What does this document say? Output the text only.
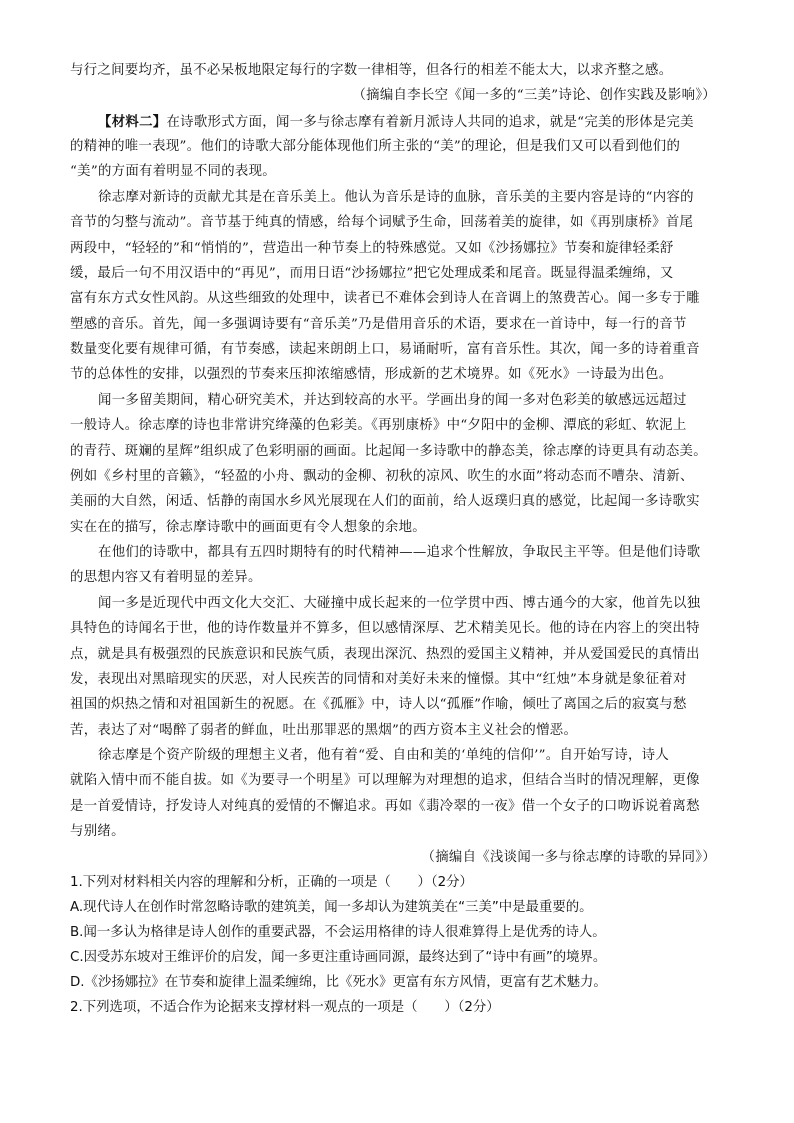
与行之间要均齐，虽不必呆板地限定每行的字数一律相等，但各行的相差不能太大，以求齐整之感。
（摘编自李长空《闻一多的“三美”诗论、创作实践及影响》）
【材料二】在诗歌形式方面，闻一多与徐志摩有着新月派诗人共同的追求，就是“完美的形体是完美
的精神的唯一表现”。他们的诗歌大部分能体现他们所主张的“美”的理论，但是我们又可以看到他们的
“美”的方面有着明显不同的表现。
徐志摩对新诗的贡献尤其是在音乐美上。他认为音乐是诗的血脉，音乐美的主要内容是诗的“内容的
音节的匀整与流动”。音节基于纯真的情感，给每个词赋予生命，回荡着美的旋律，如《再别康桥》首尾
两段中，“轻轻的”和“悄悄的”，营造出一种节奏上的特殊感觉。又如《沙扬娜拉》节奏和旋律轻柔舒
缓，最后一句不用汉语中的“再见”，而用日语“沙扬娜拉”把它处理成柔和尾音。既显得温柔缠绵，又
富有东方式女性风韵。从这些细致的处理中，读者已不难体会到诗人在音调上的煞费苦心。闻一多专于雕
塑感的音乐。首先，闻一多强调诗要有“音乐美”乃是借用音乐的术语，要求在一首诗中，每一行的音节
数量变化要有规律可循，有节奏感，读起来朗朗上口，易诵耐听，富有音乐性。其次，闻一多的诗着重音
节的总体性的安排，以强烈的节奏来压抑浓缩感情，形成新的艺术境界。如《死水》一诗最为出色。
闻一多留美期间，精心研究美术，并达到较高的水平。学画出身的闻一多对色彩美的敏感远远超过
一般诗人。徐志摩的诗也非常讲究绛藻的色彩美。《再别康桥》中“夕阳中的金柳、潭底的彩虹、软泥上
的青荇、斑斓的星辉”组织成了色彩明丽的画面。比起闻一多诗歌中的静态美，徐志摩的诗更具有动态美。
例如《乡村里的音籁》，“轻盈的小舟、飘动的金柳、初秋的凉风、吹生的水面”将动态而不嘈杂、清新、
美丽的大自然，闲适、恬静的南国水乡风光展现在人们的面前，给人返璞归真的感觉，比起闻一多诗歌实
实在在的描写，徐志摩诗歌中的画面更有令人想象的余地。
在他们的诗歌中，都具有五四时期特有的时代精神——追求个性解放，争取民主平等。但是他们诗歌
的思想内容又有着明显的差异。
闻一多是近现代中西文化大交汇、大碰撞中成长起来的一位学贯中西、博古通今的大家，他首先以独
具特色的诗闻名于世，他的诗作数量并不算多，但以感情深厚、艺术精美见长。他的诗在内容上的突出特
点，就是具有极强烈的民族意识和民族气质，表现出深沉、热烈的爱国主义精神，并从爱国爱民的真情出
发，表现出对黑暗现实的厌恶，对人民疾苦的同情和对美好未来的憧憬。其中“红烛”本身就是象征着对
祖国的炽热之情和对祖国新生的祝愿。在《孤雁》中，诗人以“孤雁”作喻，倾吐了离国之后的寂寞与愁
苦，表达了对“喝醉了弱者的鲜血，吐出那罪恶的黑烟”的西方资本主义社会的憎恶。
徐志摩是个资产阶级的理想主义者，他有着“爱、自由和美的‘单纯的信仰’”。自开始写诗，诗人
就陷入情中而不能自拔。如《为要寻一个明星》可以理解为对理想的追求，但结合当时的情况理解，更像
是一首爱情诗，抒发诗人对纯真的爱情的不懈追求。再如《翡冷翠的一夜》借一个女子的口吻诉说着离愁
与别绪。
（摘编自《浅谈闻一多与徐志摩的诗歌的异同》）
1.下列对材料相关内容的理解和分析，正确的一项是（　　）（2分）
A.现代诗人在创作时常忽略诗歌的建筑美，闻一多却认为建筑美在“三美”中是最重要的。
B.闻一多认为格律是诗人创作的重要武器，不会运用格律的诗人很难算得上是优秀的诗人。
C.因受苏东坡对王维评价的启发，闻一多更注重诗画同源，最终达到了“诗中有画”的境界。
D.《沙扬娜拉》在节奏和旋律上温柔缠绵，比《死水》更富有东方风情，更富有艺术魅力。
2.下列选项，不适合作为论据来支撑材料一观点的一项是（　　）（2分）
